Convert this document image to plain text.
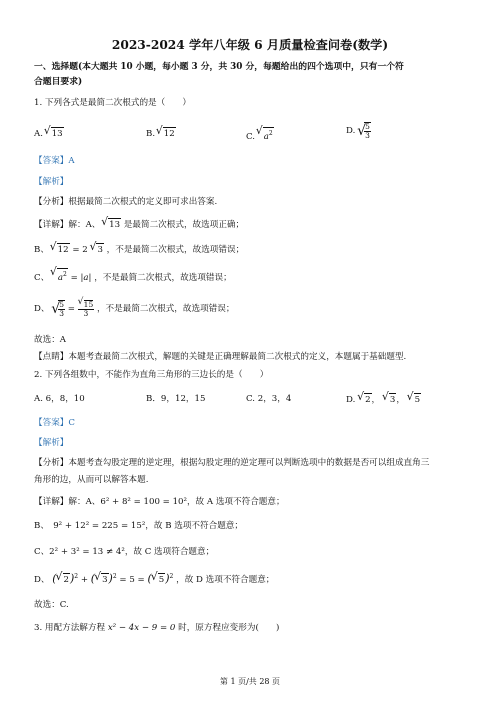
2023-2024 学年八年级 6 月质量检查问卷(数学)
一、选择题(本大题共 10 小题，每小题 3 分，共 30 分，每题给出的四个选项中，只有一个符
合题目要求)
1. 下列各式是最简二次根式的是（　　）
A. √ 13	B. √ 12	C. √ $a^2$	D. √
$\frac{5}{3}$
【答案】A
【解析】
【分析】根据最简二次根式的定义即可求出答案.
【详解】解：A、 √ 13 是最简二次根式，故选项正确；
B、 √ 12 = 2 √ 3 ，不是最简二次根式，故选项错误；
C、 √ $a^2 = |a|$ ，不是最简二次根式，故选项错误；
D、 √
$\frac{5}{3} = \frac{√ 15}{3}$ ，不是最简二次根式，故选项错误；
故选：A
【点睛】本题考查最简二次根式，解题的关键是正确理解最简二次根式的定义，本题属于基础题型.
2. 下列各组数中，不能作为直角三角形的三边长的是（　　）
A. 6，8，10	B．9，12，15	C. 2，3，4	D. √ 2， √ 3， √ 5
【答案】C
【解析】
【分析】本题考查勾股定理的逆定理，根据勾股定理的逆定理可以判断选项中的数据是否可以组成直角三
角形的边，从而可以解答本题.
【详解】解：A、6² + 8² = 100 = 10²，故 A 选项不符合题意；
B、　9² + 12² = 225 = 15²，故 B 选项不符合题意；
C、2² + 3² = 13 ≠ 4²，故 C 选项符合题意；
D、 ( √ 2)$^2$ + ( √ 3)$^2$ = 5 = ( √ 5)$^2$ ，故 D 选项不符合题意；
故选：C.
3. 用配方法解方程 x² − 4x − 9 = 0 时，原方程应变形为(　　)
第 1 页/共 28 页
